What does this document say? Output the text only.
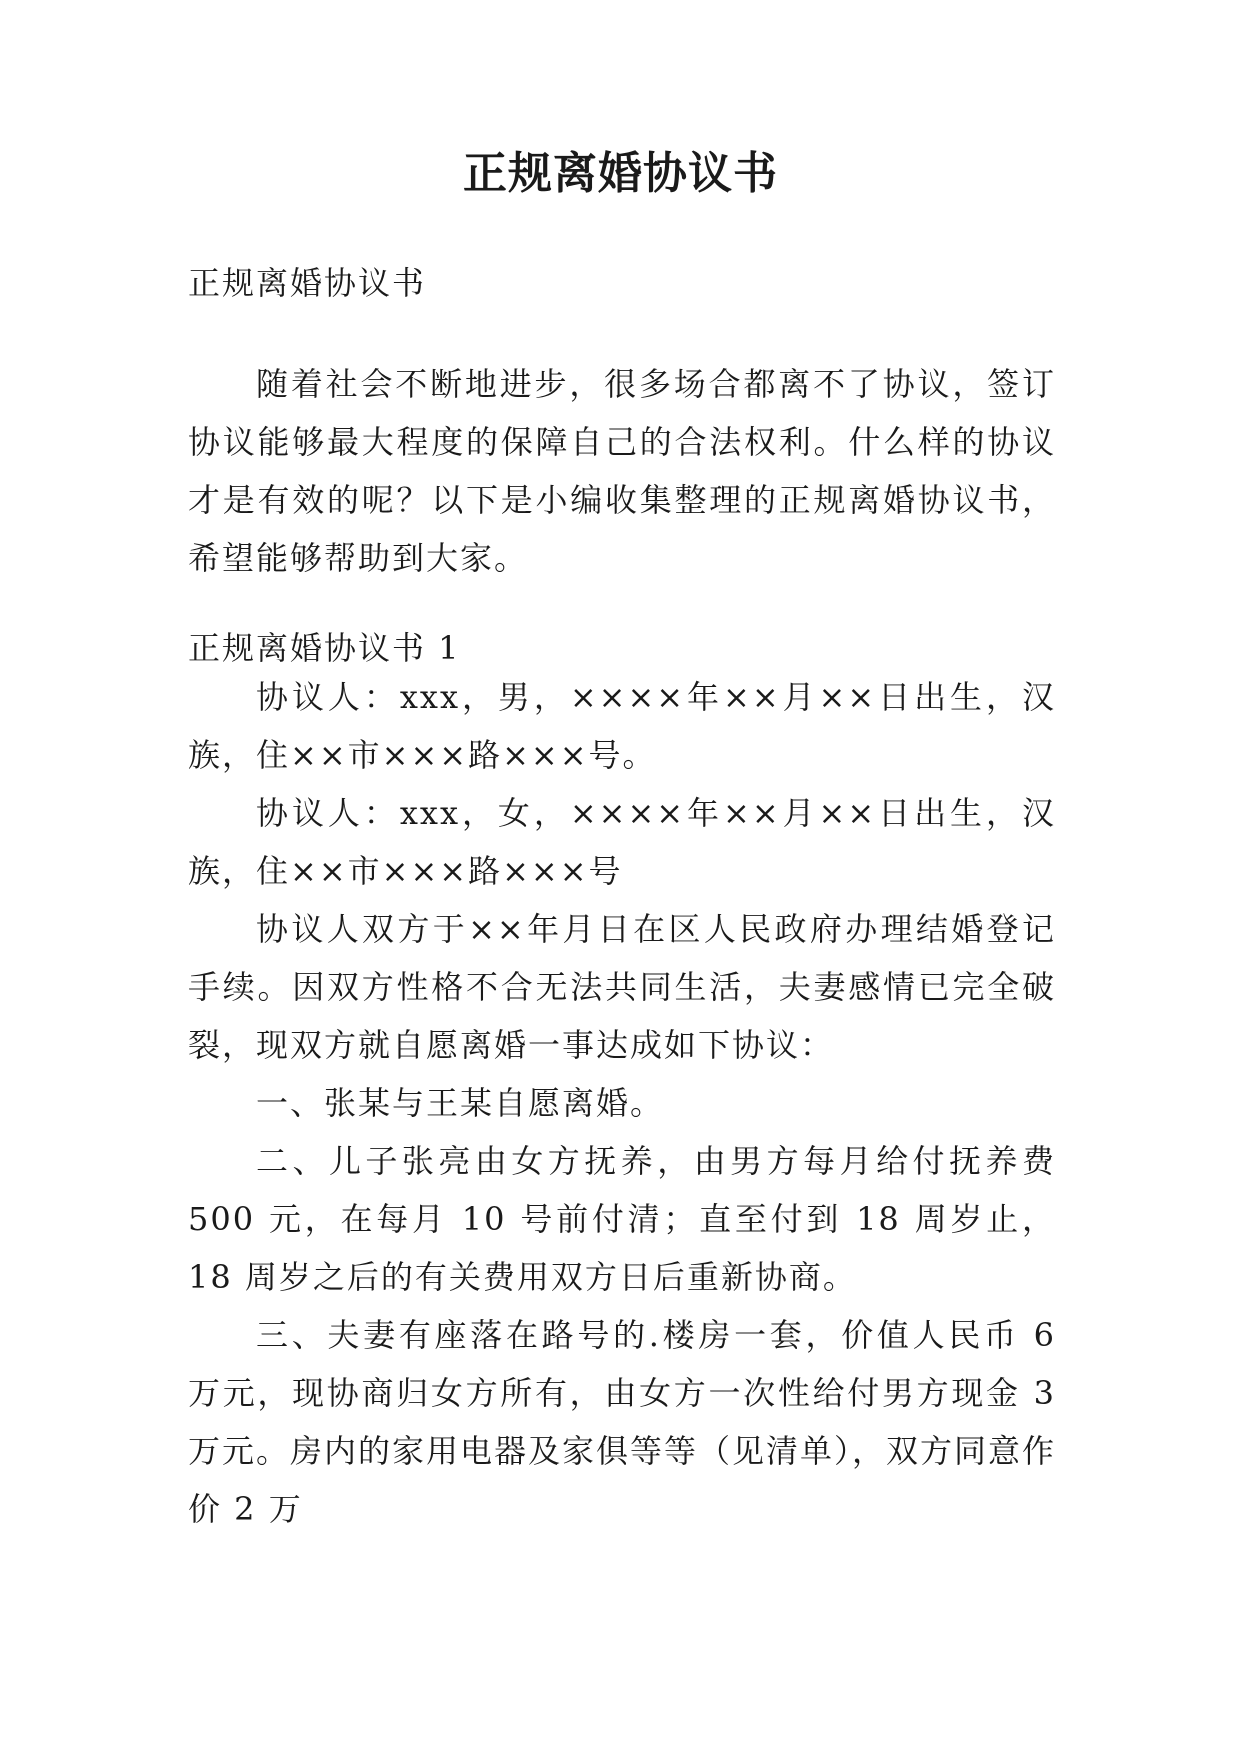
正规离婚协议书

正规离婚协议书

随着社会不断地进步，很多场合都离不了协议，签订协议能够最大程度的保障自己的合法权利。什么样的协议才是有效的呢？以下是小编收集整理的正规离婚协议书，希望能够帮助到大家。

正规离婚协议书 1

协议人：xxx，男，××××年××月××日出生，汉族，住××市×××路×××号。

协议人：xxx，女，××××年××月××日出生，汉族，住××市×××路×××号

协议人双方于××年月日在区人民政府办理结婚登记手续。因双方性格不合无法共同生活，夫妻感情已完全破裂，现双方就自愿离婚一事达成如下协议：

一、张某与王某自愿离婚。

二、儿子张亮由女方抚养，由男方每月给付抚养费 500 元，在每月 10 号前付清；直至付到 18 周岁止，18 周岁之后的有关费用双方日后重新协商。

三、夫妻有座落在路号的.楼房一套，价值人民币 6 万元，现协商归女方所有，由女方一次性给付男方现金 3 万元。房内的家用电器及家俱等等（见清单），双方同意作价 2 万
